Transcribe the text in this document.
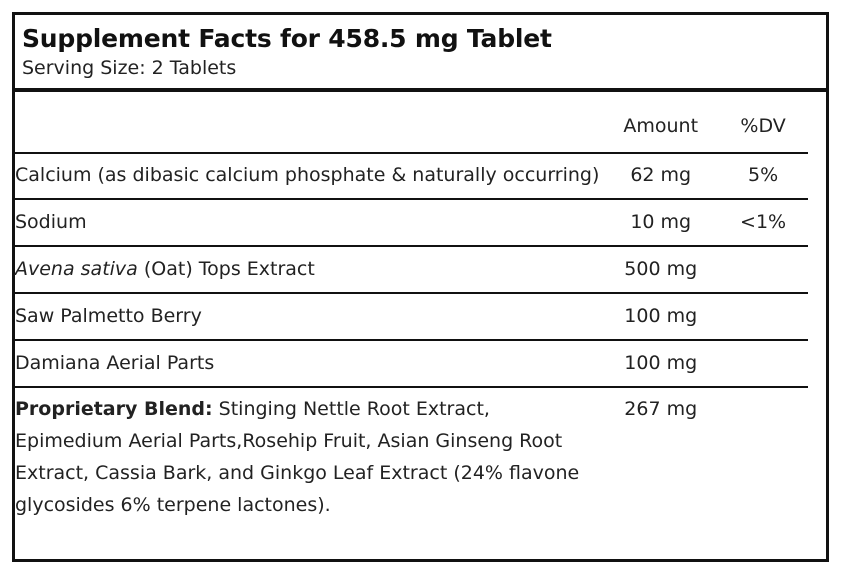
Supplement Facts for 458.5 mg Tablet
Serving Size: 2 Tablets
	Amount	%DV
Calcium (as dibasic calcium phosphate & naturally occurring)	62 mg	5%
Sodium	10 mg	<1%
Avena sativa (Oat) Tops Extract	500 mg	
Saw Palmetto Berry	100 mg	
Damiana Aerial Parts	100 mg	
Proprietary Blend: Stinging Nettle Root Extract, Epimedium Aerial Parts,Rosehip Fruit, Asian Ginseng Root Extract, Cassia Bark, and Ginkgo Leaf Extract (24% flavone glycosides 6% terpene lactones).	267 mg	
